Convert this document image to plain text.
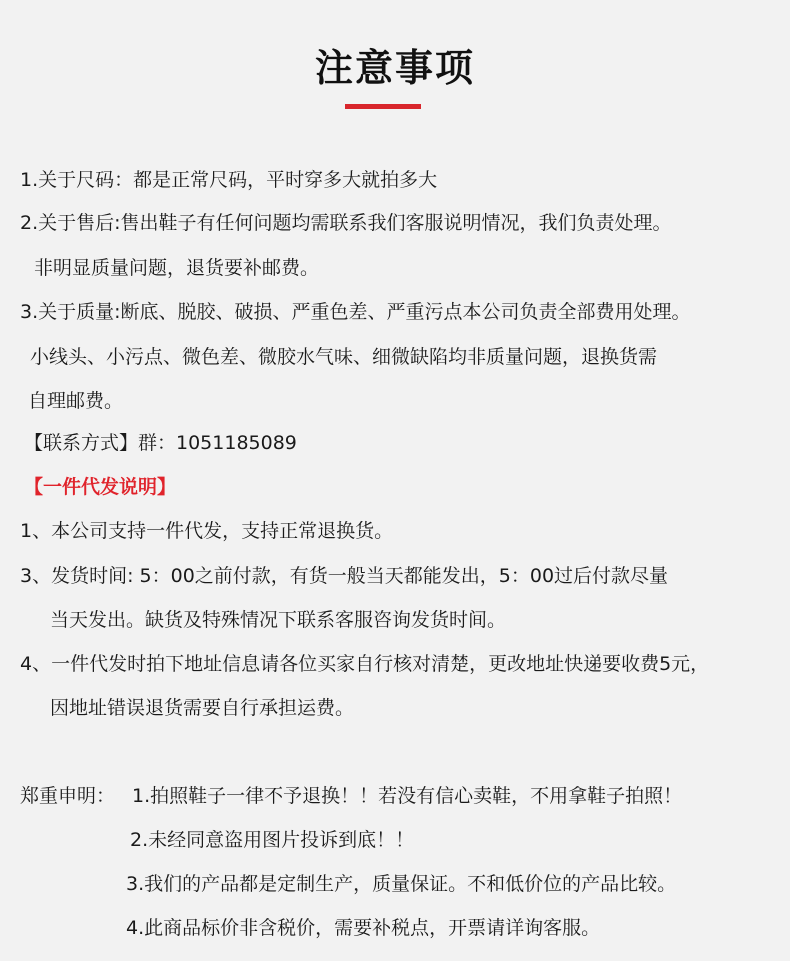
注意事项
1.关于尺码：都是正常尺码，平时穿多大就拍多大
2.关于售后:售出鞋子有任何问题均需联系我们客服说明情况，我们负责处理。
非明显质量问题，退货要补邮费。
3.关于质量:断底、脱胶、破损、严重色差、严重污点本公司负责全部费用处理。
小线头、小污点、微色差、微胶水气味、细微缺陷均非质量问题，退换货需
自理邮费。
【联系方式】群：1051185089
【一件代发说明】
1、本公司支持一件代发，支持正常退换货。
3、发货时间: 5：00之前付款，有货一般当天都能发出，5：00过后付款尽量
当天发出。缺货及特殊情况下联系客服咨询发货时间。
4、一件代发时拍下地址信息请各位买家自行核对清楚，更改地址快递要收费5元，
因地址错误退货需要自行承担运费。
郑重申明： 1.拍照鞋子一律不予退换！！若没有信心卖鞋，不用拿鞋子拍照！
2.未经同意盗用图片投诉到底！！
3.我们的产品都是定制生产，质量保证。不和低价位的产品比较。
4.此商品标价非含税价，需要补税点，开票请详询客服。
